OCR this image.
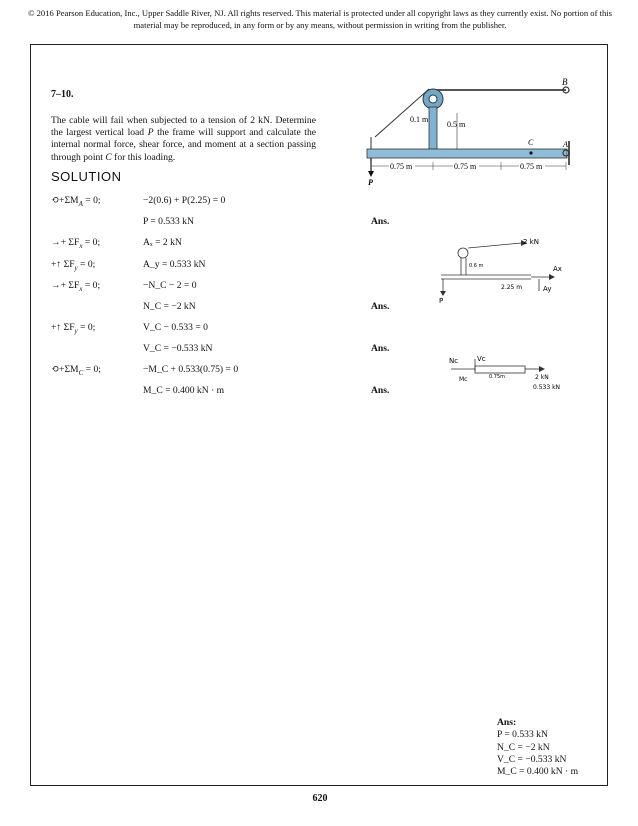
© 2016 Pearson Education, Inc., Upper Saddle River, NJ. All rights reserved. This material is protected under all copyright laws as they currently exist. No portion of this material may be reproduced, in any form or by any means, without permission in writing from the publisher.
7–10.
The cable will fail when subjected to a tension of 2 kN. Determine the largest vertical load P the frame will support and calculate the internal normal force, shear force, and moment at a section passing through point C for this loading.
B
0.1 m
0.5 m
C	A
P
0.75 m	0.75 m	0.75 m
SOLUTION
$⟲+\Sigma M_A = 0$;	−2(0.6) + P(2.25) = 0
P = 0.533 kN	Ans.
→+ $\Sigma F_x = 0$;	Aₓ = 2 kN
+↑ $\Sigma F_y = 0$;	A_y = 0.533 kN
→+ $\Sigma F_x = 0$;	−N_C − 2 = 0
N_C = −2 kN	Ans.
+↑ $\Sigma F_y = 0$;	V_C − 0.533 = 0
V_C = −0.533 kN	Ans.
$⟲+\Sigma M_C = 0$;	−M_C + 0.533(0.75) = 0
M_C = 0.400 kN · m	Ans.
2 kN
0.6 m
2.25 m
P
Ax
Ay
Nc	Vc
Mc	0.75m	2 kN
0.533 kN
Ans:
P = 0.533 kN
N_C = −2 kN
V_C = −0.533 kN
M_C = 0.400 kN · m
620
